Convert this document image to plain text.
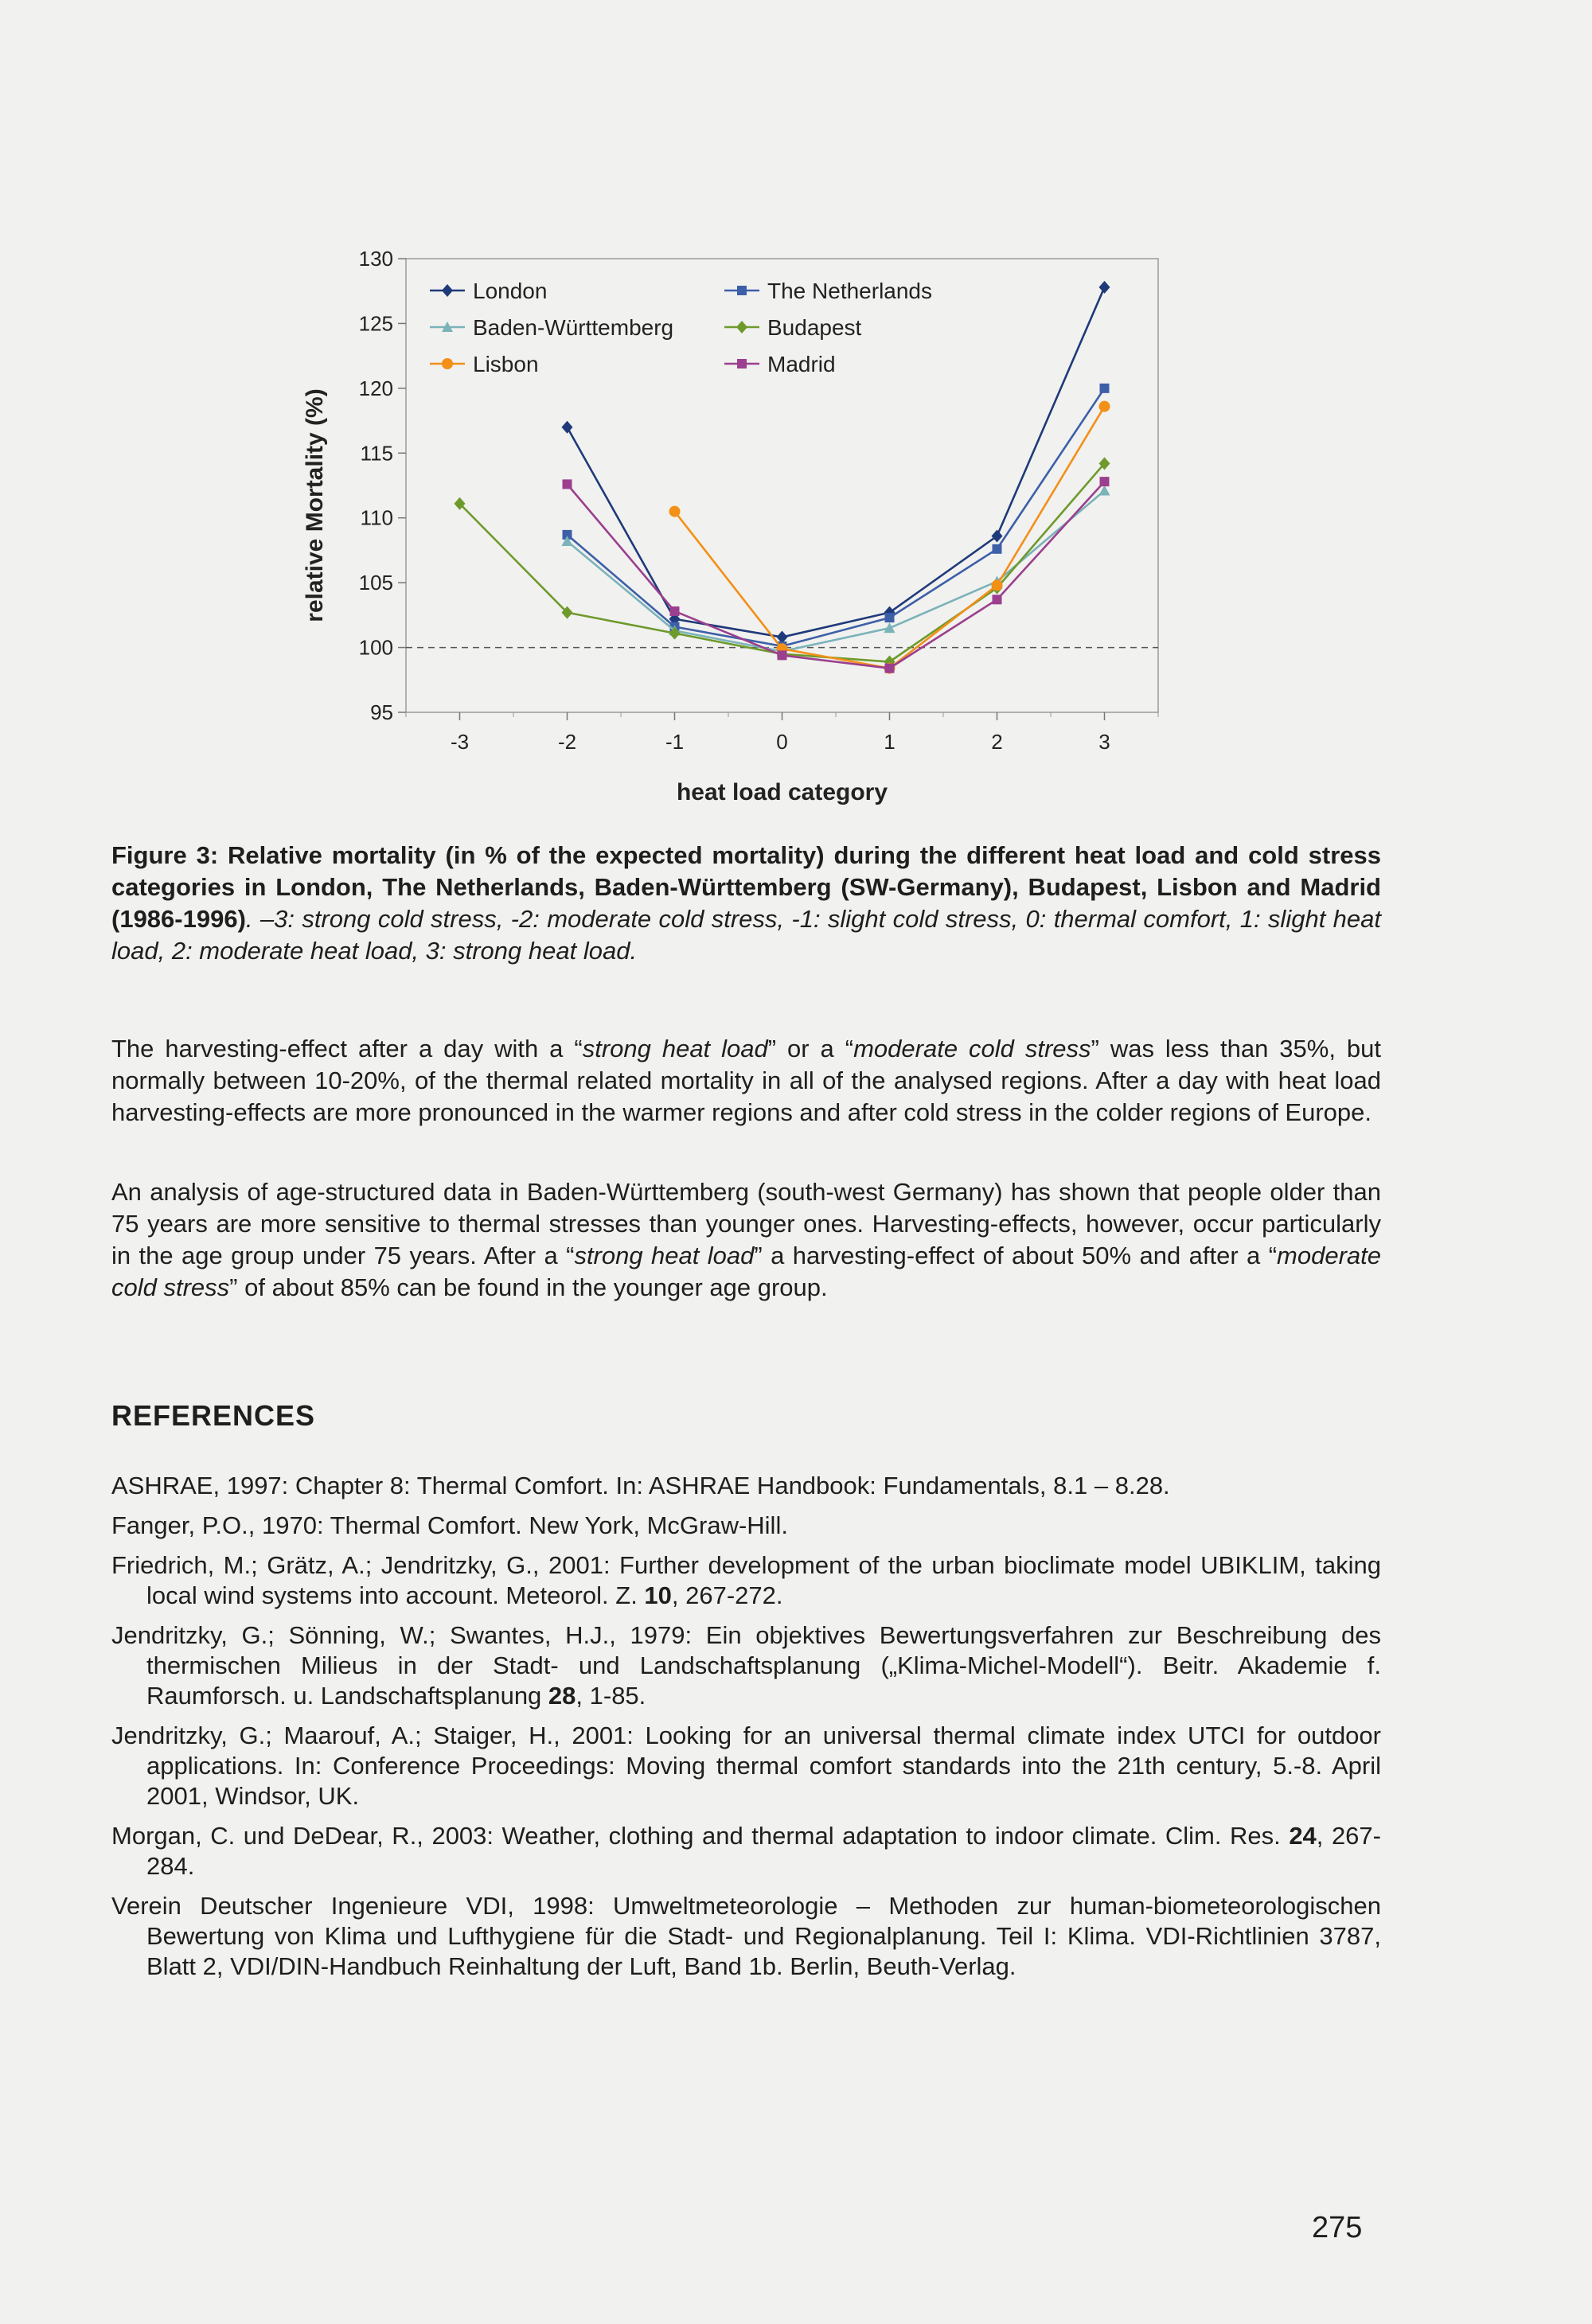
95
100
105
110
115
120
125
130
-3	-2	-1	0	1	2	3
heat load category
relative Mortality (%)
London	The Netherlands
Baden-Württemberg	Budapest
Lisbon	Madrid
Figure 3: Relative mortality (in % of the expected mortality) during the different heat load and cold stress categories in London, The Netherlands, Baden-Württemberg (SW-Germany), Budapest, Lisbon and Madrid (1986-1996). –3: strong cold stress, -2: moderate cold stress, -1: slight cold stress, 0: thermal comfort, 1: slight heat load, 2: moderate heat load, 3: strong heat load.

The harvesting-effect after a day with a “strong heat load” or a “moderate cold stress” was less than 35%, but normally between 10-20%, of the thermal related mortality in all of the analysed regions. After a day with heat load harvesting-effects are more pronounced in the warmer regions and after cold stress in the colder regions of Europe.

An analysis of age-structured data in Baden-Württemberg (south-west Germany) has shown that people older than 75 years are more sensitive to thermal stresses than younger ones. Harvesting-effects, however, occur particularly in the age group under 75 years. After a “strong heat load” a harvesting-effect of about 50% and after a “moderate cold stress” of about 85% can be found in the younger age group.

REFERENCES

ASHRAE, 1997: Chapter 8: Thermal Comfort. In: ASHRAE Handbook: Fundamentals, 8.1 – 8.28.

Fanger, P.O., 1970: Thermal Comfort. New York, McGraw-Hill.

Friedrich, M.; Grätz, A.; Jendritzky, G., 2001: Further development of the urban bioclimate model UBIKLIM, taking local wind systems into account. Meteorol. Z. 10, 267-272.

Jendritzky, G.; Sönning, W.; Swantes, H.J., 1979: Ein objektives Bewertungsverfahren zur Beschreibung des thermischen Milieus in der Stadt- und Landschaftsplanung („Klima-Michel-Modell“). Beitr. Akademie f. Raumforsch. u. Landschaftsplanung 28, 1-85.

Jendritzky, G.; Maarouf, A.; Staiger, H., 2001: Looking for an universal thermal climate index UTCI for outdoor applications. In: Conference Proceedings: Moving thermal comfort standards into the 21th century, 5.-8. April 2001, Windsor, UK.

Morgan, C. und DeDear, R., 2003: Weather, clothing and thermal adaptation to indoor climate. Clim. Res. 24, 267-284.

Verein Deutscher Ingenieure VDI, 1998: Umweltmeteorologie – Methoden zur human-biometeorologischen Bewertung von Klima und Lufthygiene für die Stadt- und Regionalplanung. Teil I: Klima. VDI-Richtlinien 3787, Blatt 2, VDI/DIN-Handbuch Reinhaltung der Luft, Band 1b. Berlin, Beuth-Verlag.

275
